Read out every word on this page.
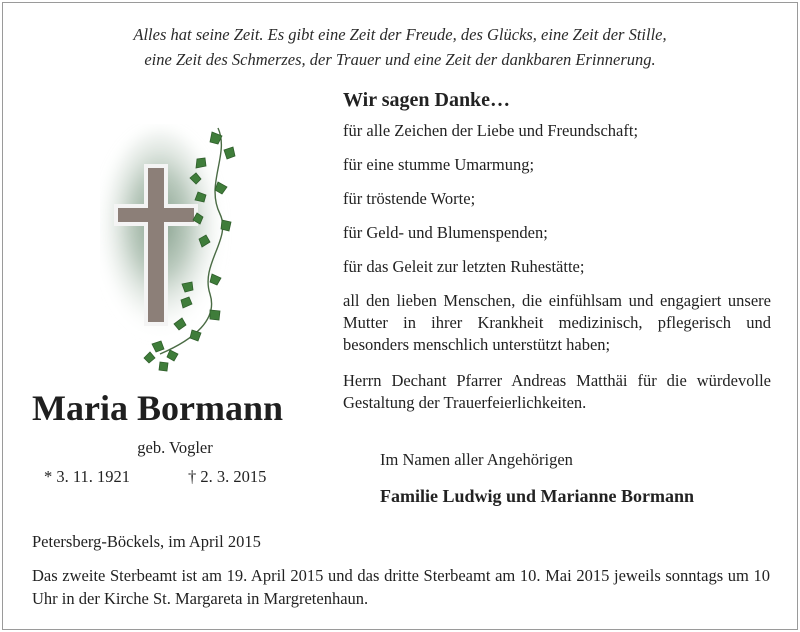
Alles hat seine Zeit. Es gibt eine Zeit der Freude, des Glücks, eine Zeit der Stille,
eine Zeit des Schmerzes, der Trauer und eine Zeit der dankbaren Erinnerung.
Wir sagen Danke…
für alle Zeichen der Liebe und Freundschaft;
für eine stumme Umarmung;
für tröstende Worte;
für Geld- und Blumenspenden;
für das Geleit zur letzten Ruhestätte;
all den lieben Menschen, die einfühlsam und engagiert unsere Mutter in ihrer Krankheit medizinisch, pflegerisch und besonders menschlich unterstützt haben;
Herrn Dechant Pfarrer Andreas Matthäi für die würdevolle Gestaltung der Trauerfeierlichkeiten.
Maria Bormann
geb. Vogler
* 3. 11. 1921	† 2. 3. 2015
Im Namen aller Angehörigen
Familie Ludwig und Marianne Bormann
Petersberg-Böckels, im April 2015
Das zweite Sterbeamt ist am 19. April 2015 und das dritte Sterbeamt am 10. Mai 2015 jeweils sonntags um 10 Uhr in der Kirche St. Margareta in Margretenhaun.
